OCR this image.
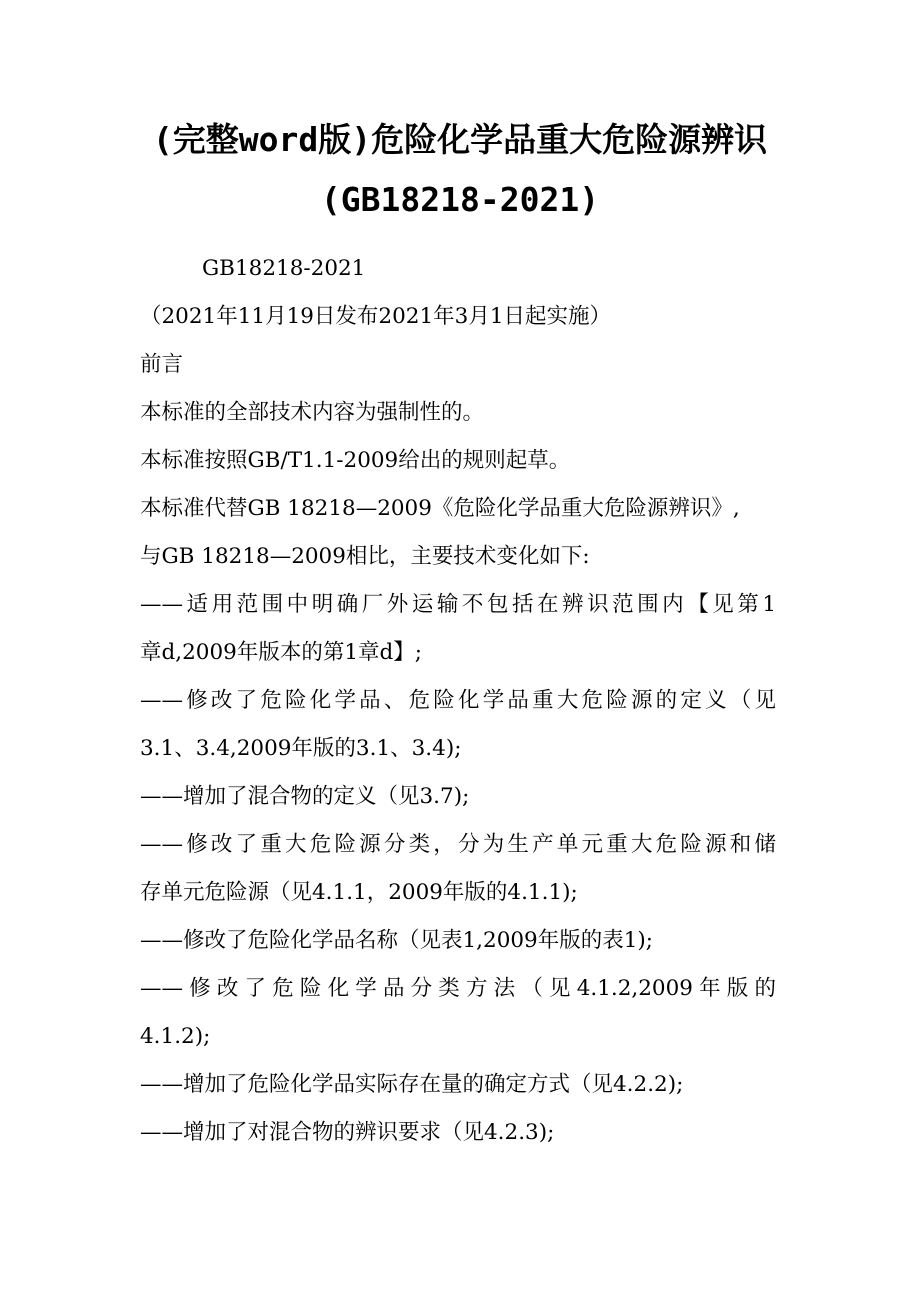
(完整word版)危险化学品重大危险源辨识
(GB18218-2021)
GB18218-2021
（2021年11月19日发布2021年3月1日起实施）
前言
本标准的全部技术内容为强制性的。
本标准按照GB/T1.1-2009给出的规则起草。
本标准代替GB 18218—2009《危险化学品重大危险源辨识》,
与GB 18218—2009相比，主要技术变化如下:
——适用范围中明确厂外运输不包括在辨识范围内【见第1
章d,2009年版本的第1章d】;
——修改了危险化学品、危险化学品重大危险源的定义（见
3.1、3.4,2009年版的3.1、3.4);
——增加了混合物的定义（见3.7);
——修改了重大危险源分类，分为生产单元重大危险源和储
存单元危险源（见4.1.1，2009年版的4.1.1);
——修改了危险化学品名称（见表1,2009年版的表1);
——修改了危险化学品分类方法（见4.1.2,2009年版的
4.1.2);
——增加了危险化学品实际存在量的确定方式（见4.2.2);
——增加了对混合物的辨识要求（见4.2.3);
